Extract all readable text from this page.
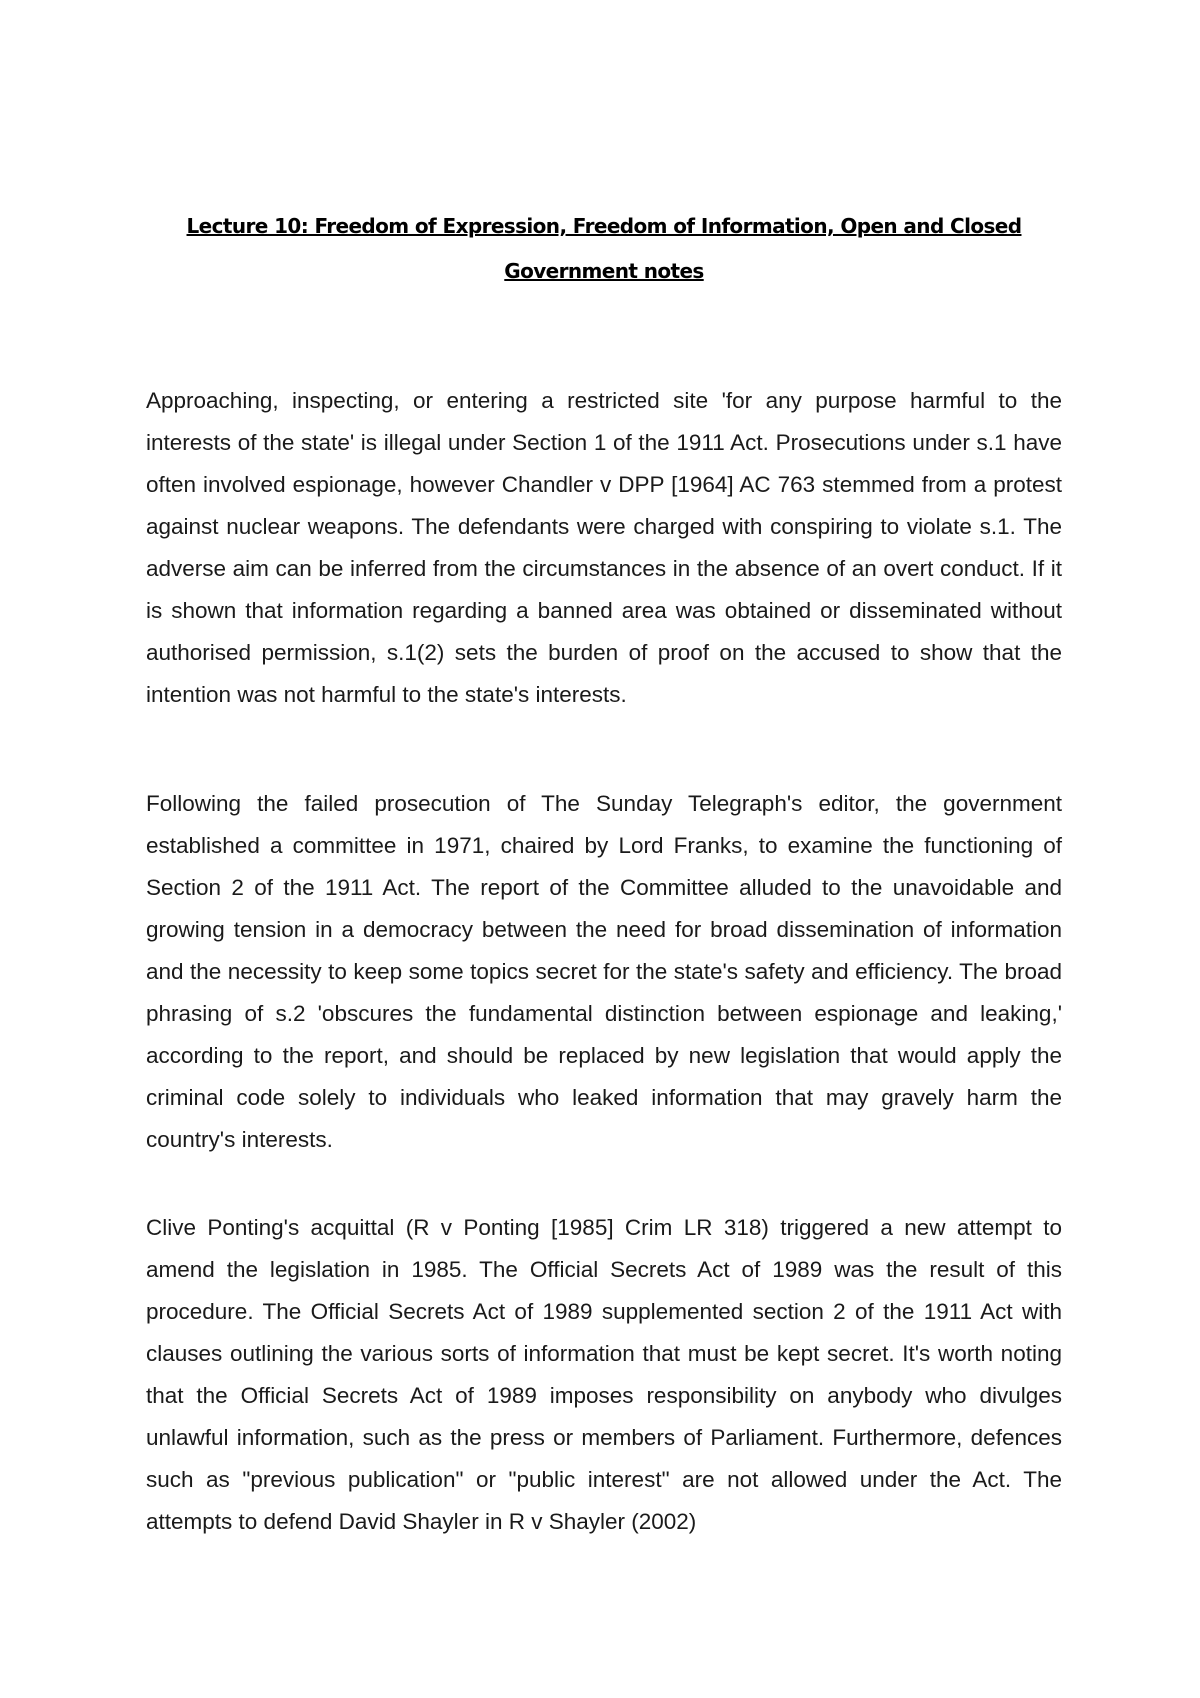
Lecture 10: Freedom of Expression, Freedom of Information, Open and Closed
Government notes

Approaching, inspecting, or entering a restricted site 'for any purpose harmful to the interests of the state' is illegal under Section 1 of the 1911 Act. Prosecutions under s.1 have often involved espionage, however Chandler v DPP [1964] AC 763 stemmed from a protest against nuclear weapons. The defendants were charged with conspiring to violate s.1. The adverse aim can be inferred from the circumstances in the absence of an overt conduct. If it is shown that information regarding a banned area was obtained or disseminated without authorised permission, s.1(2) sets the burden of proof on the accused to show that the intention was not harmful to the state's interests.

Following the failed prosecution of The Sunday Telegraph's editor, the government established a committee in 1971, chaired by Lord Franks, to examine the functioning of Section 2 of the 1911 Act. The report of the Committee alluded to the unavoidable and growing tension in a democracy between the need for broad dissemination of information and the necessity to keep some topics secret for the state's safety and efficiency. The broad phrasing of s.2 'obscures the fundamental distinction between espionage and leaking,' according to the report, and should be replaced by new legislation that would apply the criminal code solely to individuals who leaked information that may gravely harm the country's interests.

Clive Ponting's acquittal (R v Ponting [1985] Crim LR 318) triggered a new attempt to amend the legislation in 1985. The Official Secrets Act of 1989 was the result of this procedure. The Official Secrets Act of 1989 supplemented section 2 of the 1911 Act with clauses outlining the various sorts of information that must be kept secret. It's worth noting that the Official Secrets Act of 1989 imposes responsibility on anybody who divulges unlawful information, such as the press or members of Parliament. Furthermore, defences such as "previous publication" or "public interest" are not allowed under the Act. The attempts to defend David Shayler in R v Shayler (2002)
